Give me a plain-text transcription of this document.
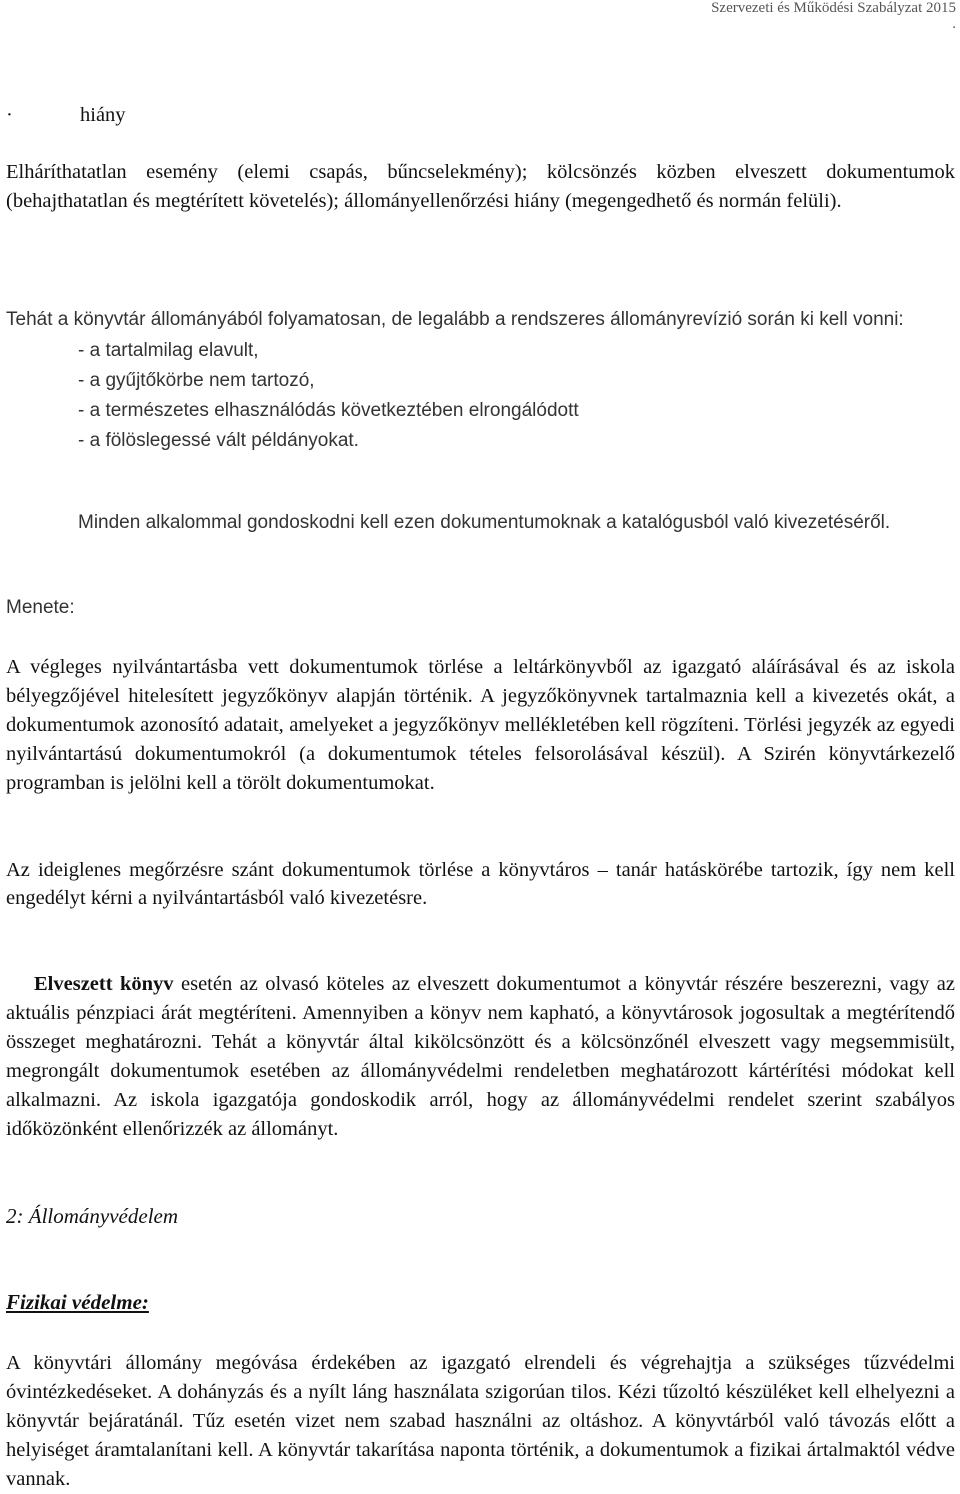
Szervezeti és Működési Szabályzat 2015

.
·	hiány

Elháríthatatlan esemény (elemi csapás, bűncselekmény); kölcsönzés közben elveszett dokumentumok (behajthatatlan és megtérített követelés); állományellenőrzési hiány (megengedhető és normán felüli).

Tehát a könyvtár állományából folyamatosan, de legalább a rendszeres állományrevízió során ki kell vonni:

- a tartalmilag elavult,
- a gyűjtőkörbe nem tartozó,
- a természetes elhasználódás következtében elrongálódott
- a fölöslegessé vált példányokat.

Minden alkalommal gondoskodni kell ezen dokumentumoknak a katalógusból való kivezetéséről.

Menete:

A végleges nyilvántartásba vett dokumentumok törlése a leltárkönyvből az igazgató aláírásával és az iskola bélyegzőjével hitelesített jegyzőkönyv alapján történik. A jegyzőkönyvnek tartalmaznia kell a kivezetés okát, a dokumentumok azonosító adatait, amelyeket a jegyzőkönyv mellékletében kell rögzíteni. Törlési jegyzék az egyedi nyilvántartású dokumentumokról (a dokumentumok tételes felsorolásával készül). A Szirén könyvtárkezelő programban is jelölni kell a törölt dokumentumokat.

Az ideiglenes megőrzésre szánt dokumentumok törlése a könyvtáros – tanár hatáskörébe tartozik, így nem kell engedélyt kérni a nyilvántartásból való kivezetésre.

Elveszett könyv esetén az olvasó köteles az elveszett dokumentumot a könyvtár részére beszerezni, vagy az aktuális pénzpiaci árát megtéríteni. Amennyiben a könyv nem kapható, a könyvtárosok jogosultak a megtérítendő összeget meghatározni. Tehát a könyvtár által kikölcsönzött és a kölcsönzőnél elveszett vagy megsemmisült, megrongált dokumentumok esetében az állományvédelmi rendeletben meghatározott kártérítési módokat kell alkalmazni. Az iskola igazgatója gondoskodik arról, hogy az állományvédelmi rendelet szerint szabályos időközönként ellenőrizzék az állományt.

2: Állományvédelem
Fizikai védelme:

A könyvtári állomány megóvása érdekében az igazgató elrendeli és végrehajtja a szükséges tűzvédelmi óvintézkedéseket. A dohányzás és a nyílt láng használata szigorúan tilos. Kézi tűzoltó készüléket kell elhelyezni a könyvtár bejáratánál. Tűz esetén vizet nem szabad használni az oltáshoz. A könyvtárból való távozás előtt a helyiséget áramtalanítani kell. A könyvtár takarítása naponta történik, a dokumentumok a fizikai ártalmaktól védve vannak.
